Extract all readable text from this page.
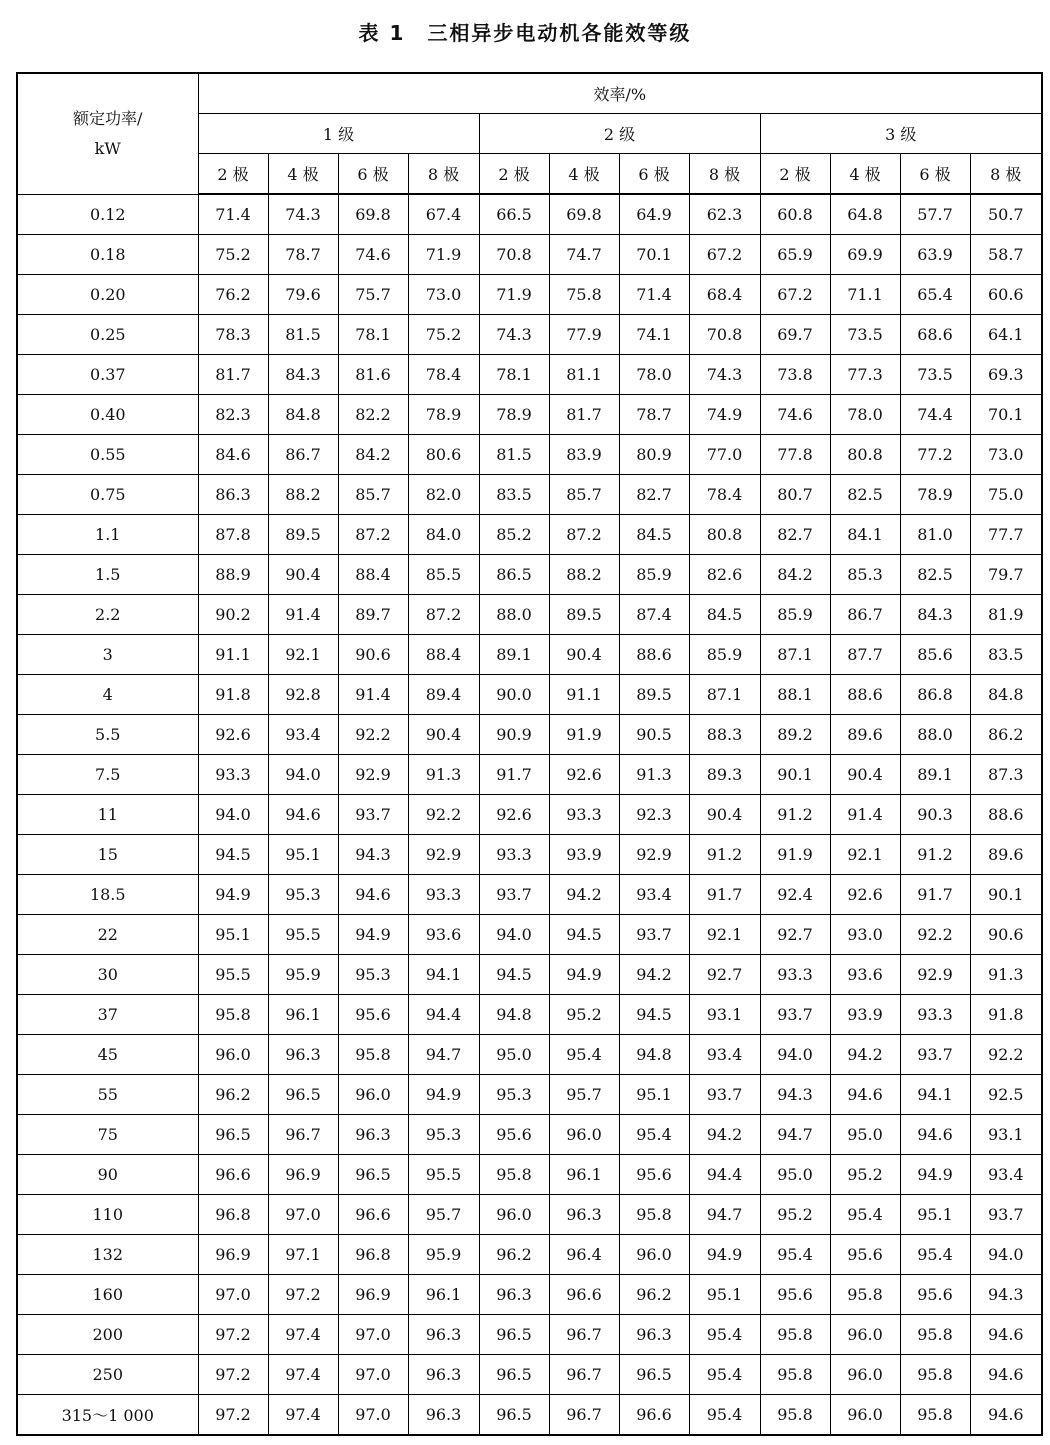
表 1 三相异步电动机各能效等级
额定功率/
kW	效率/%											
	1 级				2 级				3 级			
	2 极	4 极	6 极	8 极	2 极	4 极	6 极	8 极	2 极	4 极	6 极	8 极
0.12	71.4	74.3	69.8	67.4	66.5	69.8	64.9	62.3	60.8	64.8	57.7	50.7
0.18	75.2	78.7	74.6	71.9	70.8	74.7	70.1	67.2	65.9	69.9	63.9	58.7
0.20	76.2	79.6	75.7	73.0	71.9	75.8	71.4	68.4	67.2	71.1	65.4	60.6
0.25	78.3	81.5	78.1	75.2	74.3	77.9	74.1	70.8	69.7	73.5	68.6	64.1
0.37	81.7	84.3	81.6	78.4	78.1	81.1	78.0	74.3	73.8	77.3	73.5	69.3
0.40	82.3	84.8	82.2	78.9	78.9	81.7	78.7	74.9	74.6	78.0	74.4	70.1
0.55	84.6	86.7	84.2	80.6	81.5	83.9	80.9	77.0	77.8	80.8	77.2	73.0
0.75	86.3	88.2	85.7	82.0	83.5	85.7	82.7	78.4	80.7	82.5	78.9	75.0
1.1	87.8	89.5	87.2	84.0	85.2	87.2	84.5	80.8	82.7	84.1	81.0	77.7
1.5	88.9	90.4	88.4	85.5	86.5	88.2	85.9	82.6	84.2	85.3	82.5	79.7
2.2	90.2	91.4	89.7	87.2	88.0	89.5	87.4	84.5	85.9	86.7	84.3	81.9
3	91.1	92.1	90.6	88.4	89.1	90.4	88.6	85.9	87.1	87.7	85.6	83.5
4	91.8	92.8	91.4	89.4	90.0	91.1	89.5	87.1	88.1	88.6	86.8	84.8
5.5	92.6	93.4	92.2	90.4	90.9	91.9	90.5	88.3	89.2	89.6	88.0	86.2
7.5	93.3	94.0	92.9	91.3	91.7	92.6	91.3	89.3	90.1	90.4	89.1	87.3
11	94.0	94.6	93.7	92.2	92.6	93.3	92.3	90.4	91.2	91.4	90.3	88.6
15	94.5	95.1	94.3	92.9	93.3	93.9	92.9	91.2	91.9	92.1	91.2	89.6
18.5	94.9	95.3	94.6	93.3	93.7	94.2	93.4	91.7	92.4	92.6	91.7	90.1
22	95.1	95.5	94.9	93.6	94.0	94.5	93.7	92.1	92.7	93.0	92.2	90.6
30	95.5	95.9	95.3	94.1	94.5	94.9	94.2	92.7	93.3	93.6	92.9	91.3
37	95.8	96.1	95.6	94.4	94.8	95.2	94.5	93.1	93.7	93.9	93.3	91.8
45	96.0	96.3	95.8	94.7	95.0	95.4	94.8	93.4	94.0	94.2	93.7	92.2
55	96.2	96.5	96.0	94.9	95.3	95.7	95.1	93.7	94.3	94.6	94.1	92.5
75	96.5	96.7	96.3	95.3	95.6	96.0	95.4	94.2	94.7	95.0	94.6	93.1
90	96.6	96.9	96.5	95.5	95.8	96.1	95.6	94.4	95.0	95.2	94.9	93.4
110	96.8	97.0	96.6	95.7	96.0	96.3	95.8	94.7	95.2	95.4	95.1	93.7
132	96.9	97.1	96.8	95.9	96.2	96.4	96.0	94.9	95.4	95.6	95.4	94.0
160	97.0	97.2	96.9	96.1	96.3	96.6	96.2	95.1	95.6	95.8	95.6	94.3
200	97.2	97.4	97.0	96.3	96.5	96.7	96.3	95.4	95.8	96.0	95.8	94.6
250	97.2	97.4	97.0	96.3	96.5	96.7	96.5	95.4	95.8	96.0	95.8	94.6
315～1 000	97.2	97.4	97.0	96.3	96.5	96.7	96.6	95.4	95.8	96.0	95.8	94.6
